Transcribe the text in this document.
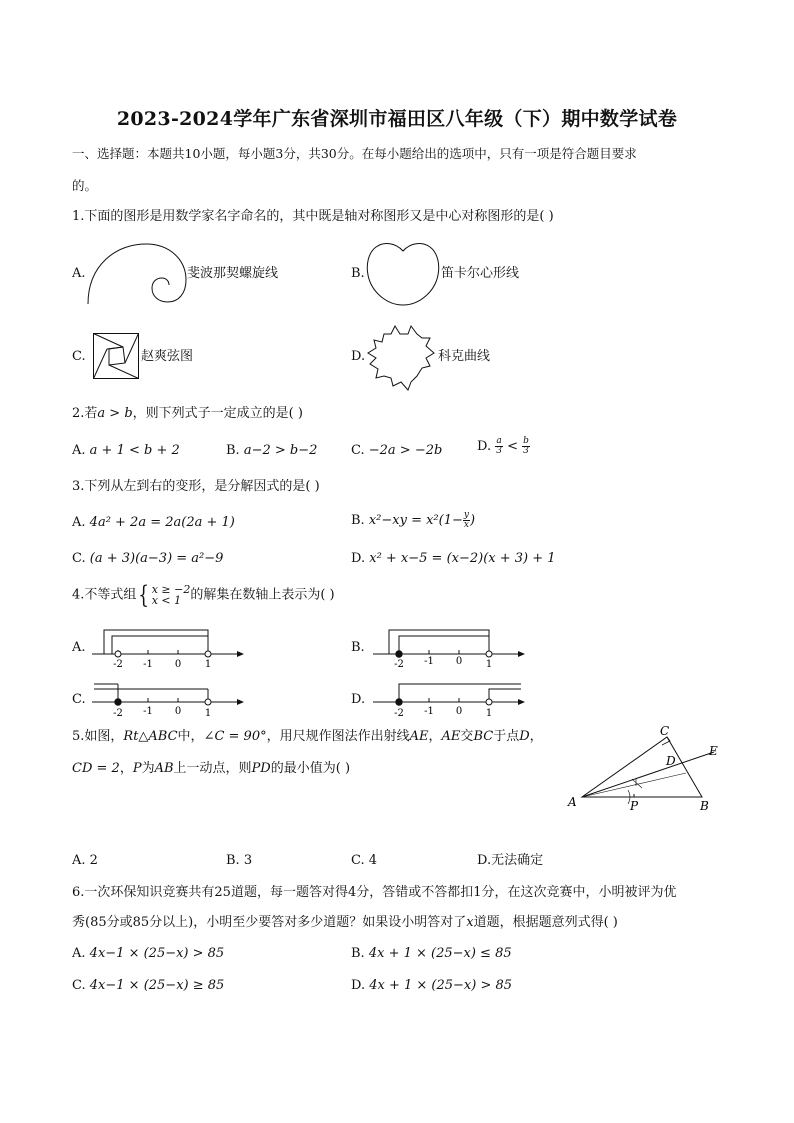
2023-2024学年广东省深圳市福田区八年级（下）期中数学试卷
一、选择题：本题共10小题，每小题3分，共30分。在每小题给出的选项中，只有一项是符合题目要求
的。
1.下面的图形是用数学家名字命名的，其中既是轴对称图形又是中心对称图形的是( )
A.	斐波那契螺旋线	B.	笛卡尔心形线
C.	赵爽弦图	D.	科克曲线
2.若a > b，则下列式子一定成立的是( )
A. a + 1 < b + 2	B. a−2 > b−2	C. −2a > −2b	D. $\frac{a}{3} < \frac{b}{3}$
3.下列从左到右的变形，是分解因式的是( )
A. 4a² + 2a = 2a(2a + 1)	B. $x^2-xy = x^2(1- \frac{y}{x}$ )
C. (a + 3)(a−3) = a²−9	D. x² + x−5 = (x−2)(x + 3) + 1
4.不等式组{ x ≥ −2
x < 1 的解集在数轴上表示为( )
A.	B.
C.	D.
-2 -1 0 1	-2 -1 0 1
-2 -1 0 1	-2 -1 0 1
5.如图，Rt△ABC中，∠C = 90°，用尺规作图法作出射线AE，AE交BC于点D，
CD = 2，P为AB上一动点，则PD的最小值为( )
C
E
D
A	P	B
A. 2	B. 3	C. 4	D.无法确定
6.一次环保知识竞赛共有25道题，每一题答对得4分，答错或不答都扣1分，在这次竞赛中，小明被评为优
秀(85分或85分以上)，小明至少要答对多少道题？如果设小明答对了x道题，根据题意列式得( )
A. 4x−1 × (25−x) > 85	B. 4x + 1 × (25−x) ≤ 85
C. 4x−1 × (25−x) ≥ 85	D. 4x + 1 × (25−x) > 85
